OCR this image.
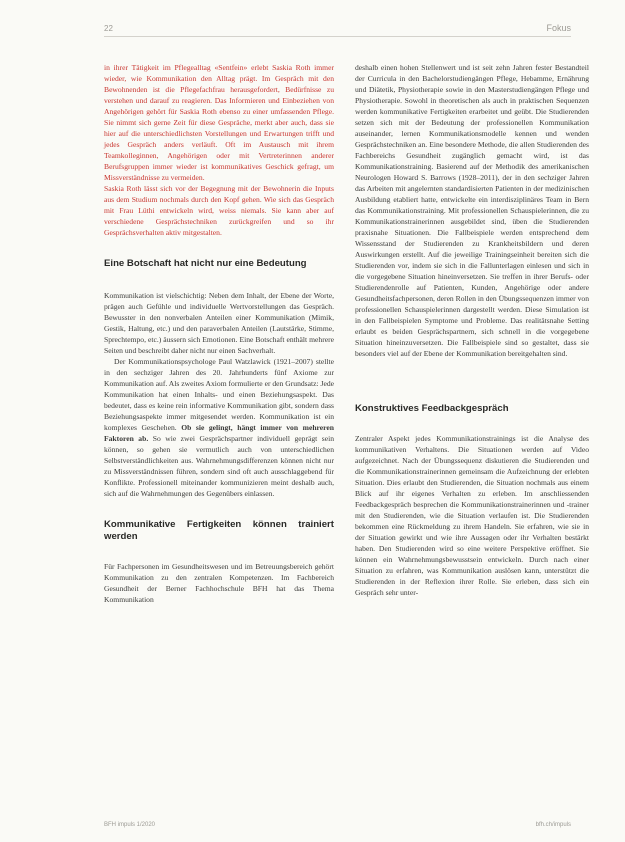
22	Fokus

in ihrer Tätigkeit im Pflegealltag «Sentfein» erlebt Saskia Roth immer wieder, wie Kommunikation den Alltag prägt. Im Gespräch mit den Bewohnenden ist die Pflegefachfrau herausgefordert, Bedürfnisse zu verstehen und darauf zu reagieren. Das Informieren und Einbeziehen von Angehörigen gehört für Saskia Roth ebenso zu einer umfassenden Pflege. Sie nimmt sich gerne Zeit für diese Gespräche, merkt aber auch, dass sie hier auf die unterschiedlichsten Vorstellungen und Erwartungen trifft und jedes Gespräch anders verläuft. Oft im Austausch mit ihrem Teamkolleginnen, Angehörigen oder mit Vertreterinnen anderer Berufsgruppen immer wieder ist kommunikatives Geschick gefragt, um Missverständnisse zu vermeiden.

Saskia Roth lässt sich vor der Begegnung mit der Bewohnerin die Inputs aus dem Studium nochmals durch den Kopf gehen. Wie sich das Gespräch mit Frau Lüthi entwickeln wird, weiss niemals. Sie kann aber auf verschiedene Gesprächstechniken zurückgreifen und so ihr Gesprächsverhalten aktiv mitgestalten.

Eine Botschaft hat nicht nur eine Bedeutung

Kommunikation ist vielschichtig: Neben dem Inhalt, der Ebene der Worte, prägen auch Gefühle und individuelle Wertvorstellungen das Gespräch. Bewusster in den nonverbalen Anteilen einer Kommunikation (Mimik, Gestik, Haltung, etc.) und den paraverbalen Anteilen (Lautstärke, Stimme, Sprechtempo, etc.) äussern sich Emotionen. Eine Botschaft enthält mehrere Seiten und beschreibt daher nicht nur einen Sachverhalt.

Der Kommunikationspsychologe Paul Watzlawick (1921–2007) stellte in den sechziger Jahren des 20. Jahrhunderts fünf Axiome zur Kommunikation auf. Als zweites Axiom formulierte er den Grundsatz: Jede Kommunikation hat einen Inhalts- und einen Beziehungsaspekt. Das bedeutet, dass es keine rein informative Kommunikation gibt, sondern dass Beziehungsaspekte immer mitgesendet werden. Kommunikation ist ein komplexes Geschehen. Ob sie gelingt, hängt immer von mehreren Faktoren ab. So wie zwei Gesprächspartner individuell geprägt sein können, so gehen sie vermutlich auch von unterschiedlichen Selbstverständlichkeiten aus. Wahrnehmungsdifferenzen können nicht nur zu Missverständnissen führen, sondern sind oft auch ausschlaggebend für Konflikte. Professionell miteinander kommunizieren meint deshalb auch, sich auf die Wahrnehmungen des Gegenübers einlassen.

Kommunikative Fertigkeiten können trainiert werden

Für Fachpersonen im Gesundheitswesen und im Betreuungsbereich gehört Kommunikation zu den zentralen Kompetenzen. Im Fachbereich Gesundheit der Berner Fachhochschule BFH hat das Thema Kommunikation

deshalb einen hohen Stellenwert und ist seit zehn Jahren fester Bestandteil der Curricula in den Bachelorstudiengängen Pflege, Hebamme, Ernährung und Diätetik, Physiotherapie sowie in den Masterstudiengängen Pflege und Physiotherapie. Sowohl in theoretischen als auch in praktischen Sequenzen werden kommunikative Fertigkeiten erarbeitet und geübt. Die Studierenden setzen sich mit der Bedeutung der professionellen Kommunikation auseinander, lernen Kommunikationsmodelle kennen und wenden Gesprächstechniken an. Eine besondere Methode, die allen Studierenden des Fachbereichs Gesundheit zugänglich gemacht wird, ist das Kommunikationstraining. Basierend auf der Methodik des amerikanischen Neurologen Howard S. Barrows (1928–2011), der in den sechziger Jahren das Arbeiten mit angelernten standardisierten Patienten in der medizinischen Ausbildung etabliert hatte, entwickelte ein interdisziplinäres Team in Bern das Kommunikationstraining. Mit professionellen Schauspielerinnen, die zu Kommunikationstrainerinnen ausgebildet sind, üben die Studierenden praxisnahe Situationen. Die Fallbeispiele werden entsprechend dem Wissensstand der Studierenden zu Krankheitsbildern und deren Auswirkungen erstellt. Auf die jeweilige Trainingseinheit bereiten sich die Studierenden vor, indem sie sich in die Fallunterlagen einlesen und sich in die vorgegebene Situation hineinversetzen. Sie treffen in ihrer Berufs- oder Studierendenrolle auf Patienten, Kunden, Angehörige oder andere Gesundheitsfachpersonen, deren Rollen in den Übungssequenzen immer von professionellen Schauspielerinnen dargestellt werden. Diese Simulation ist in den Fallbeispielen Symptome und Probleme. Das realitätsnahe Setting erlaubt es beiden Gesprächspartnern, sich schnell in die vorgegebene Situation hineinzuversetzen. Die Fallbeispiele sind so gestaltet, dass sie besonders viel auf der Ebene der Kommunikation bereitgehalten sind.

Konstruktives Feedbackgespräch

Zentraler Aspekt jedes Kommunikationstrainings ist die Analyse des kommunikativen Verhaltens. Die Situationen werden auf Video aufgezeichnet. Nach der Übungssequenz diskutieren die Studierenden und die Kommunikationstrainerinnen gemeinsam die Aufzeichnung der erlebten Situation. Dies erlaubt den Studierenden, die Situation nochmals aus einem Blick auf ihr eigenes Verhalten zu erleben. Im anschliessenden Feedbackgespräch besprechen die Kommunikationstrainerinnen und -trainer mit den Studierenden, wie die Situation verlaufen ist. Die Studierenden bekommen eine Rückmeldung zu ihrem Handeln. Sie erfahren, wie sie in der Situation gewirkt und wie ihre Aussagen oder ihr Verhalten bestärkt haben. Den Studierenden wird so eine weitere Perspektive eröffnet. Sie können ein Wahrnehmungsbewusstsein entwickeln. Durch nach einer Situation zu erfahren, was Kommunikation auslösen kann, unterstützt die Studierenden in der Reflexion ihrer Rolle. Sie erleben, dass sich ein Gespräch sehr unter-

BFH impuls 1/2020	bfh.ch/impuls
